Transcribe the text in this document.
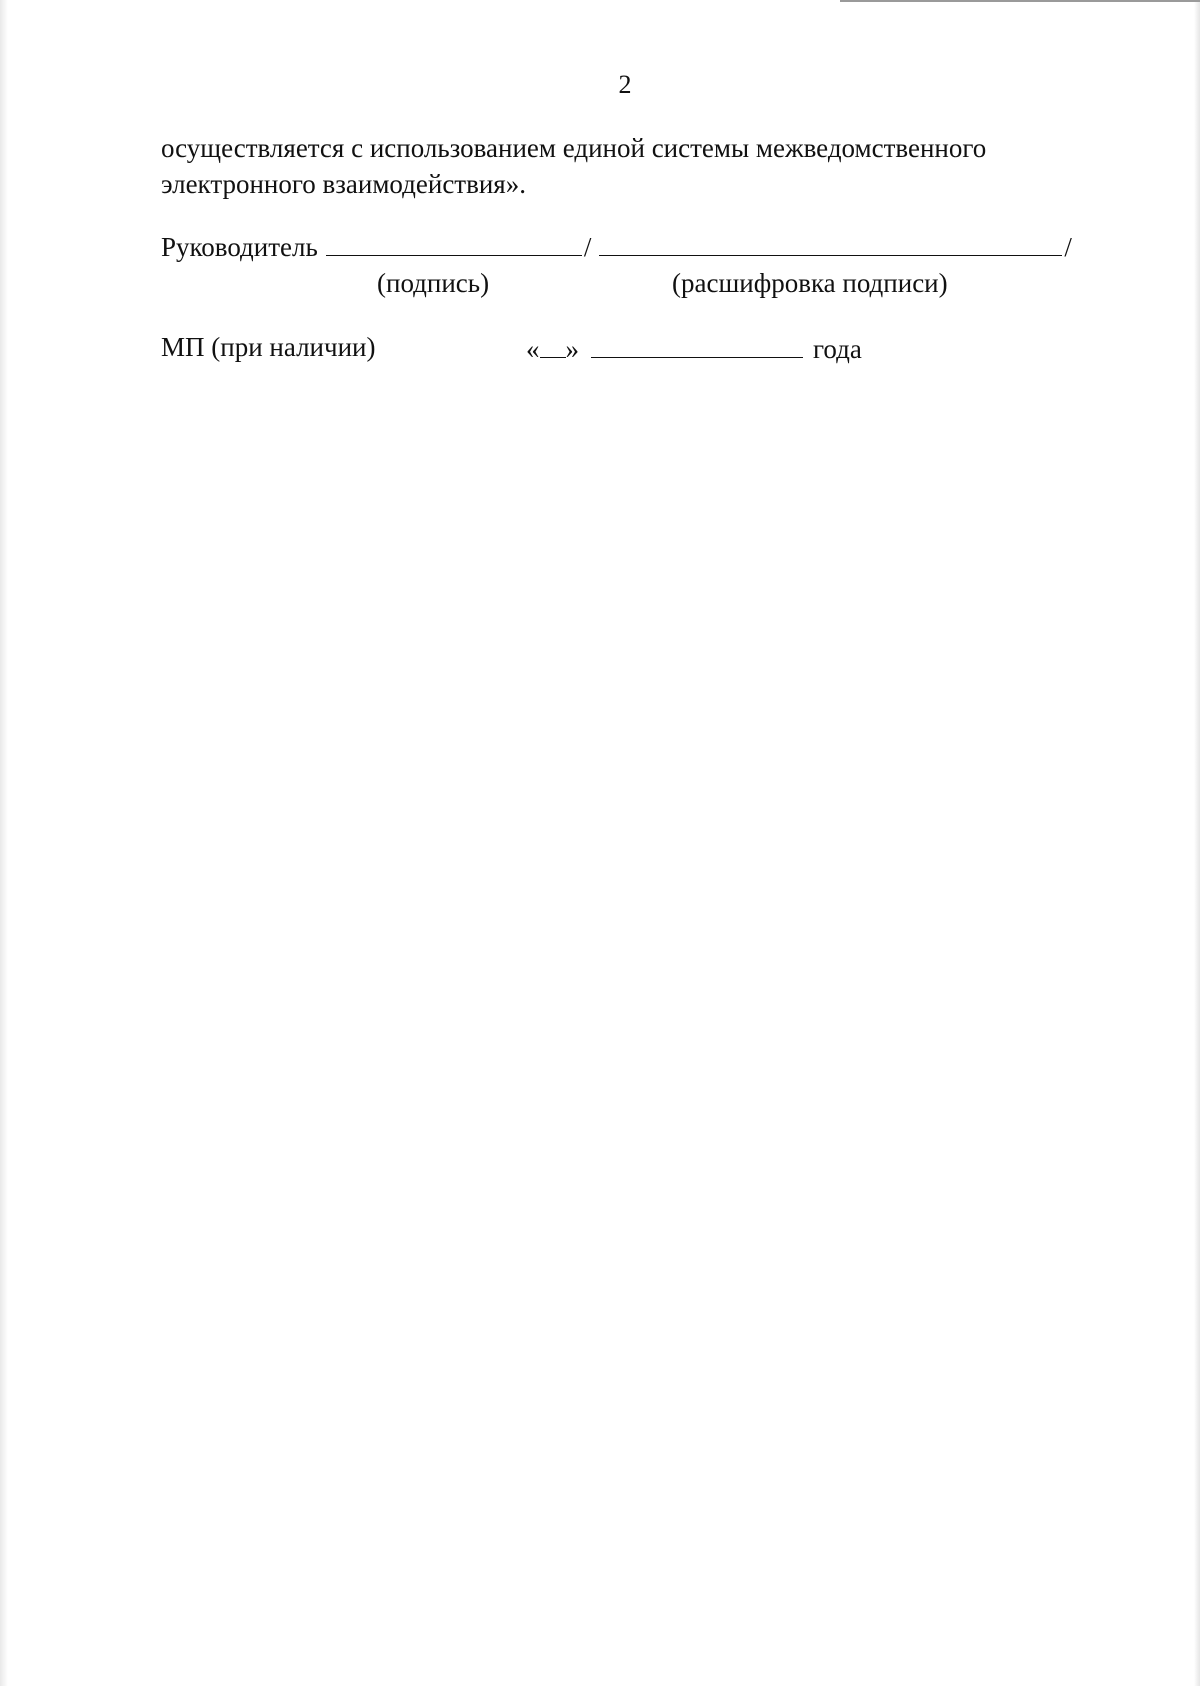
2
осуществляется с использованием единой системы межведомственного
электронного взаимодействия».
Руководитель	/	/
(подпись)	(расшифровка подписи)
МП (при наличии)	« »	года
